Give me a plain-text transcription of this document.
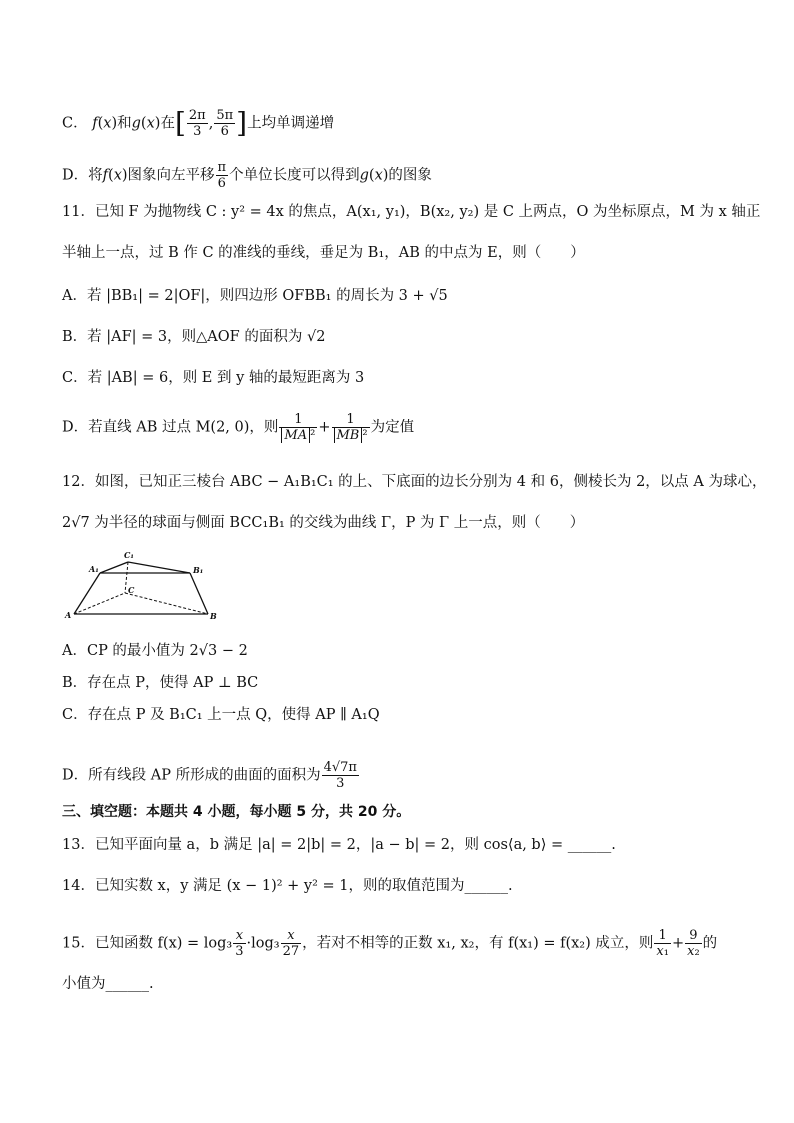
C． f(x)和g(x)在[ $\frac{2\pi}{3}$ , $\frac{5\pi}{6}$ ]上均单调递增
D．将f(x)图象向左平移 $\frac{\pi}{6}$ 个单位长度可以得到g(x)的图象
11．已知 F 为抛物线 C : y² = 4x 的焦点，A(x₁, y₁)，B(x₂, y₂) 是 C 上两点，O 为坐标原点，M 为 x 轴正
半轴上一点，过 B 作 C 的准线的垂线，垂足为 B₁，AB 的中点为 E，则（　　）
A．若 |BB₁| = 2|OF|，则四边形 OFBB₁ 的周长为 3 + √5
B．若 |AF| = 3，则△AOF 的面积为 √2
C．若 |AB| = 6，则 E 到 y 轴的最短距离为 3
D．若直线 AB 过点 M(2, 0)，则 $\frac{1}{\text{MA ²}} + \frac{1}{\text{MB ²}}$ 为定值
12．如图，已知正三棱台 ABC − A₁B₁C₁ 的上、下底面的边长分别为 4 和 6，侧棱长为 2，以点 A 为球心，
2√7 为半径的球面与侧面 BCC₁B₁ 的交线为曲线 Γ，P 为 Γ 上一点，则（　　）
A₁
C₁
B₁
C
A	B
A．CP 的最小值为 2√3 − 2
B．存在点 P，使得 AP ⊥ BC
C．存在点 P 及 B₁C₁ 上一点 Q，使得 AP ∥ A₁Q
D．所有线段 AP 所形成的曲面的面积为 $\frac{4√7\pi}{3}$
三、填空题：本题共 4 小题，每小题 5 分，共 20 分。
13．已知平面向量 a，b 满足 |a| = 2|b| = 2，|a − b| = 2，则 cos⟨a, b⟩ = ______.
14．已知实数 x，y 满足 (x − 1)² + y² = 1，则的取值范围为______.
15．已知函数 $f(x) = \log_3 \frac{x}{3} \cdot\log_3 \frac{x}{27}$ ，若对不相等的正数 x₁, x₂，有 f(x₁) = f(x₂) 成立，则 $\frac{1}{\text{x₁}} + \frac{9}{\text{x₂}}$ 的
小值为______.
